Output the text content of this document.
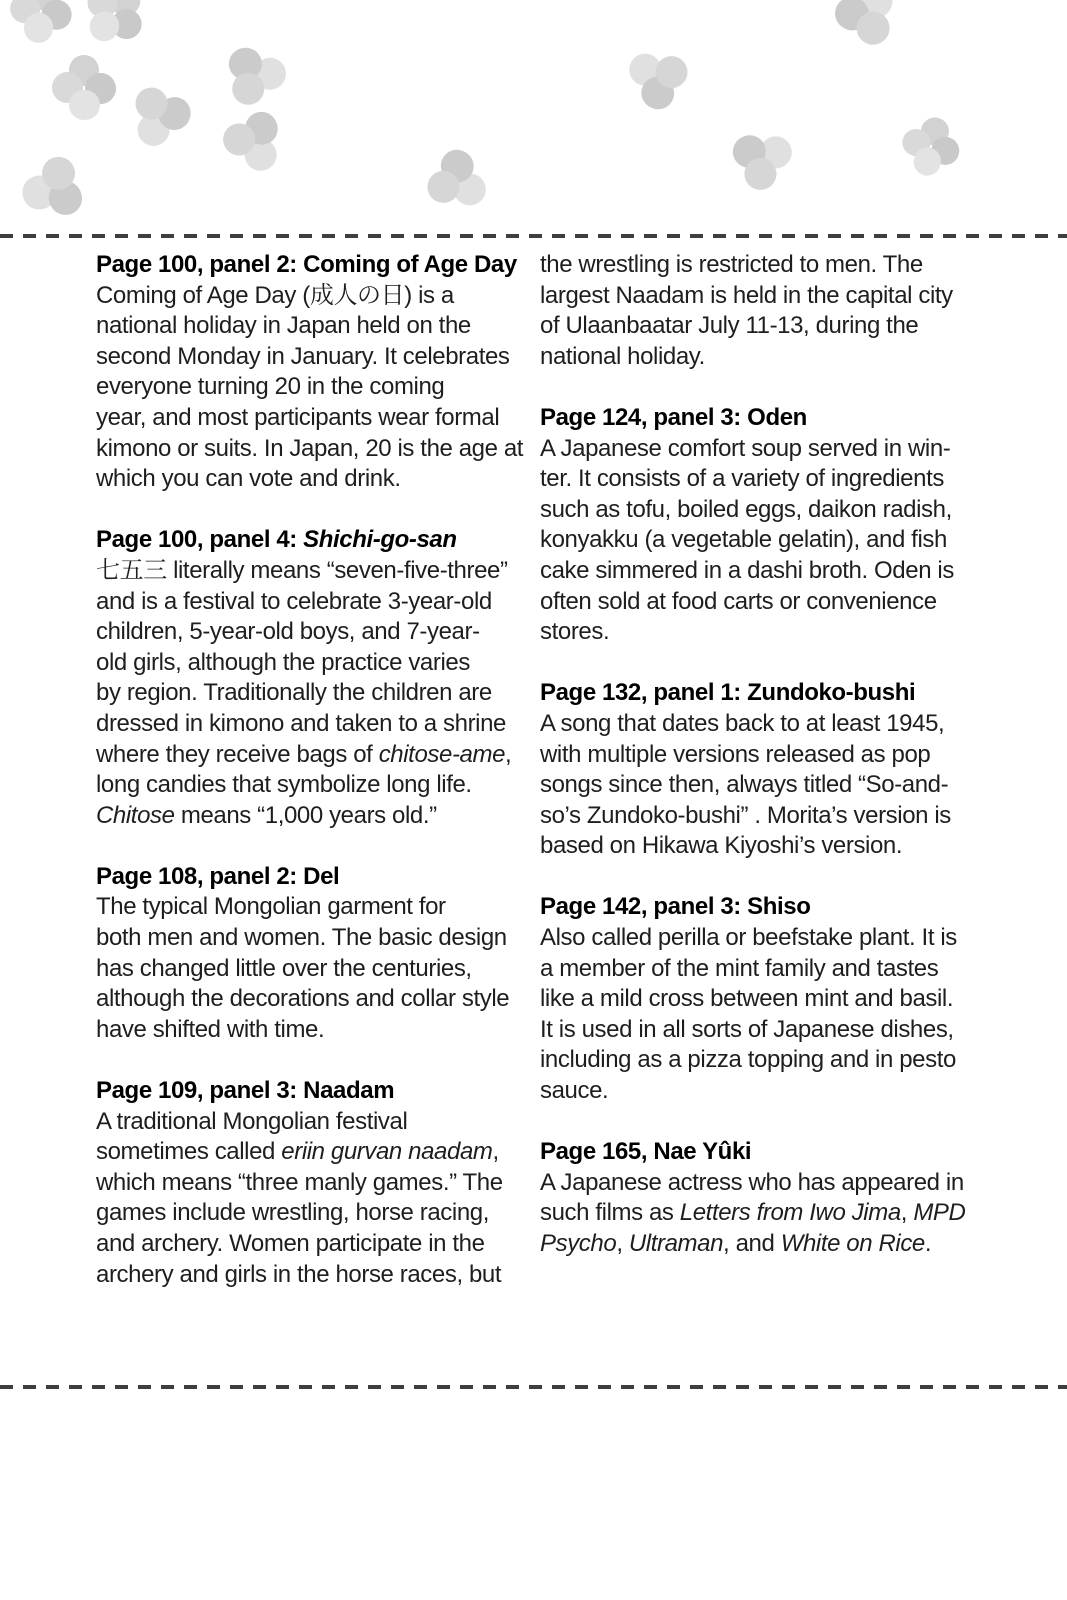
Page 100, panel 2: Coming of Age Day
Coming of Age Day (成人の日) is a
national holiday in Japan held on the
second Monday in January. It celebrates
everyone turning 20 in the coming
year, and most participants wear formal
kimono or suits. In Japan, 20 is the age at
which you can vote and drink.
Page 100, panel 4: Shichi-go-san
七五三 literally means “seven-five-three”
and is a festival to celebrate 3-year-old
children, 5-year-old boys, and 7-year-
old girls, although the practice varies
by region. Traditionally the children are
dressed in kimono and taken to a shrine
where they receive bags of chitose-ame,
long candies that symbolize long life.
Chitose means “1,000 years old.”
Page 108, panel 2: Del
The typical Mongolian garment for
both men and women. The basic design
has changed little over the centuries,
although the decorations and collar style
have shifted with time.
Page 109, panel 3: Naadam
A traditional Mongolian festival
sometimes called eriin gurvan naadam,
which means “three manly games.” The
games include wrestling, horse racing,
and archery. Women participate in the
archery and girls in the horse races, but
the wrestling is restricted to men. The
largest Naadam is held in the capital city
of Ulaanbaatar July 11-13, during the
national holiday.
Page 124, panel 3: Oden
A Japanese comfort soup served in win-
ter. It consists of a variety of ingredients
such as tofu, boiled eggs, daikon radish,
konyakku (a vegetable gelatin), and fish
cake simmered in a dashi broth. Oden is
often sold at food carts or convenience
stores.
Page 132, panel 1: Zundoko-bushi
A song that dates back to at least 1945,
with multiple versions released as pop
songs since then, always titled “So-and-
so’s Zundoko-bushi” . Morita’s version is
based on Hikawa Kiyoshi’s version.
Page 142, panel 3: Shiso
Also called perilla or beefstake plant. It is
a member of the mint family and tastes
like a mild cross between mint and basil.
It is used in all sorts of Japanese dishes,
including as a pizza topping and in pesto
sauce.
Page 165, Nae Yûki
A Japanese actress who has appeared in
such films as Letters from Iwo Jima, MPD
Psycho, Ultraman, and White on Rice.
